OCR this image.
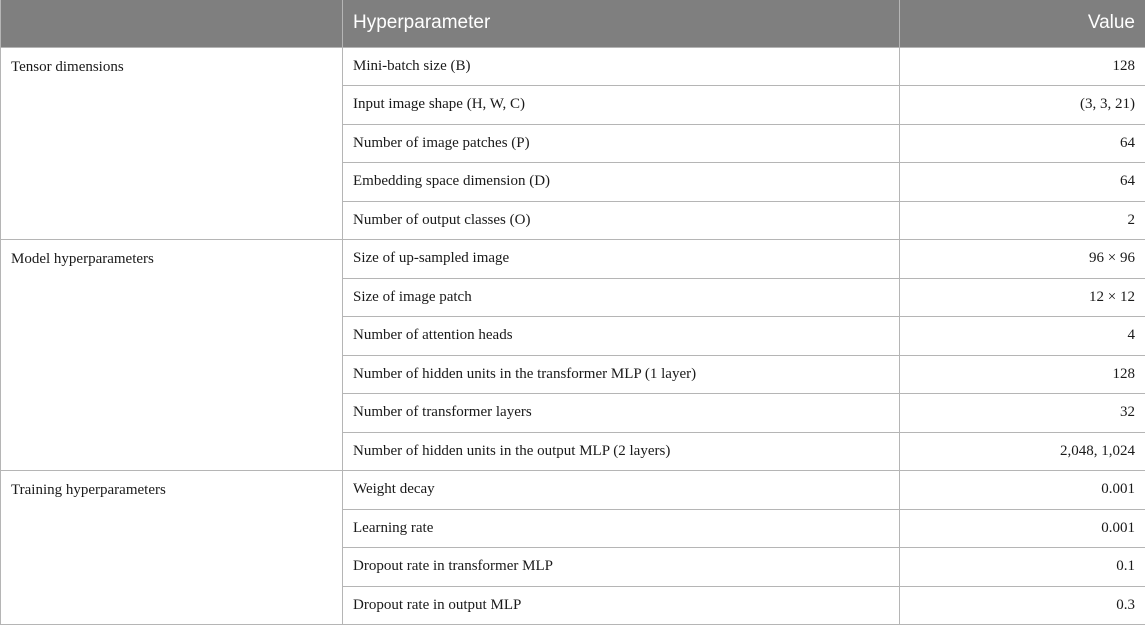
	Hyperparameter	Value
Tensor dimensions	Mini-batch size (B)	128
	Input image shape (H, W, C)	(3, 3, 21)
	Number of image patches (P)	64
	Embedding space dimension (D)	64
	Number of output classes (O)	2
Model hyperparameters	Size of up-sampled image	96 × 96
	Size of image patch	12 × 12
	Number of attention heads	4
	Number of hidden units in the transformer MLP (1 layer)	128
	Number of transformer layers	32
	Number of hidden units in the output MLP (2 layers)	2,048, 1,024
Training hyperparameters	Weight decay	0.001
	Learning rate	0.001
	Dropout rate in transformer MLP	0.1
	Dropout rate in output MLP	0.3
